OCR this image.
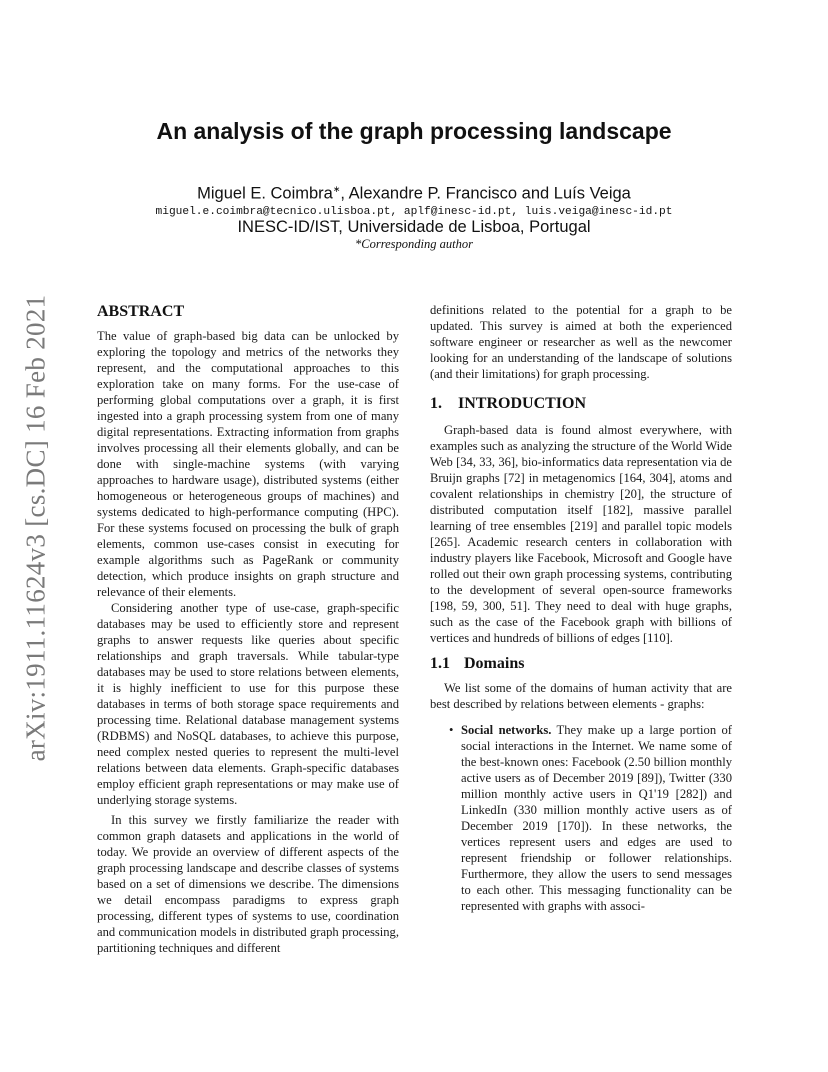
arXiv:1911.11624v3 [cs.DC] 16 Feb 2021
An analysis of the graph processing landscape
Miguel E. Coimbra∗, Alexandre P. Francisco and Luís Veiga
miguel.e.coimbra@tecnico.ulisboa.pt, aplf@inesc-id.pt, luis.veiga@inesc-id.pt
INESC-ID/IST, Universidade de Lisboa, Portugal
*Corresponding author
ABSTRACT

The value of graph-based big data can be unlocked by exploring the topology and metrics of the networks they represent, and the computational approaches to this exploration take on many forms. For the use-case of performing global computations over a graph, it is first ingested into a graph processing system from one of many digital representations. Extracting information from graphs involves processing all their elements globally, and can be done with single-machine systems (with varying approaches to hardware usage), distributed systems (either homogeneous or heterogeneous groups of machines) and systems dedicated to high-performance computing (HPC). For these systems focused on processing the bulk of graph elements, common use-cases consist in executing for example algorithms such as PageRank or community detection, which produce insights on graph structure and relevance of their elements.

Considering another type of use-case, graph-specific databases may be used to efficiently store and represent graphs to answer requests like queries about specific relationships and graph traversals. While tabular-type databases may be used to store relations between elements, it is highly inefficient to use for this purpose these databases in terms of both storage space requirements and processing time. Relational database management systems (RDBMS) and NoSQL databases, to achieve this purpose, need complex nested queries to represent the multi-level relations between data elements. Graph-specific databases employ efficient graph representations or may make use of underlying storage systems.

In this survey we firstly familiarize the reader with common graph datasets and applications in the world of today. We provide an overview of different aspects of the graph processing landscape and describe classes of systems based on a set of dimensions we describe. The dimensions we detail encompass paradigms to express graph processing, different types of systems to use, coordination and communication models in distributed graph processing, partitioning techniques and different

definitions related to the potential for a graph to be updated. This survey is aimed at both the experienced software engineer or researcher as well as the newcomer looking for an understanding of the landscape of solutions (and their limitations) for graph processing.

1. INTRODUCTION

Graph-based data is found almost everywhere, with examples such as analyzing the structure of the World Wide Web [34, 33, 36], bio-informatics data representation via de Bruijn graphs [72] in metagenomics [164, 304], atoms and covalent relationships in chemistry [20], the structure of distributed computation itself [182], massive parallel learning of tree ensembles [219] and parallel topic models [265]. Academic research centers in collaboration with industry players like Facebook, Microsoft and Google have rolled out their own graph processing systems, contributing to the development of several open-source frameworks [198, 59, 300, 51]. They need to deal with huge graphs, such as the case of the Facebook graph with billions of vertices and hundreds of billions of edges [110].

1.1 Domains

We list some of the domains of human activity that are best described by relations between elements - graphs:

• Social networks. They make up a large portion of social interactions in the Internet. We name some of the best-known ones: Facebook (2.50 billion monthly active users as of December 2019 [89]), Twitter (330 million monthly active users in Q1'19 [282]) and LinkedIn (330 million monthly active users as of December 2019 [170]). In these networks, the vertices represent users and edges are used to represent friendship or follower relationships. Furthermore, they allow the users to send messages to each other. This messaging functionality can be represented with graphs with associ-
